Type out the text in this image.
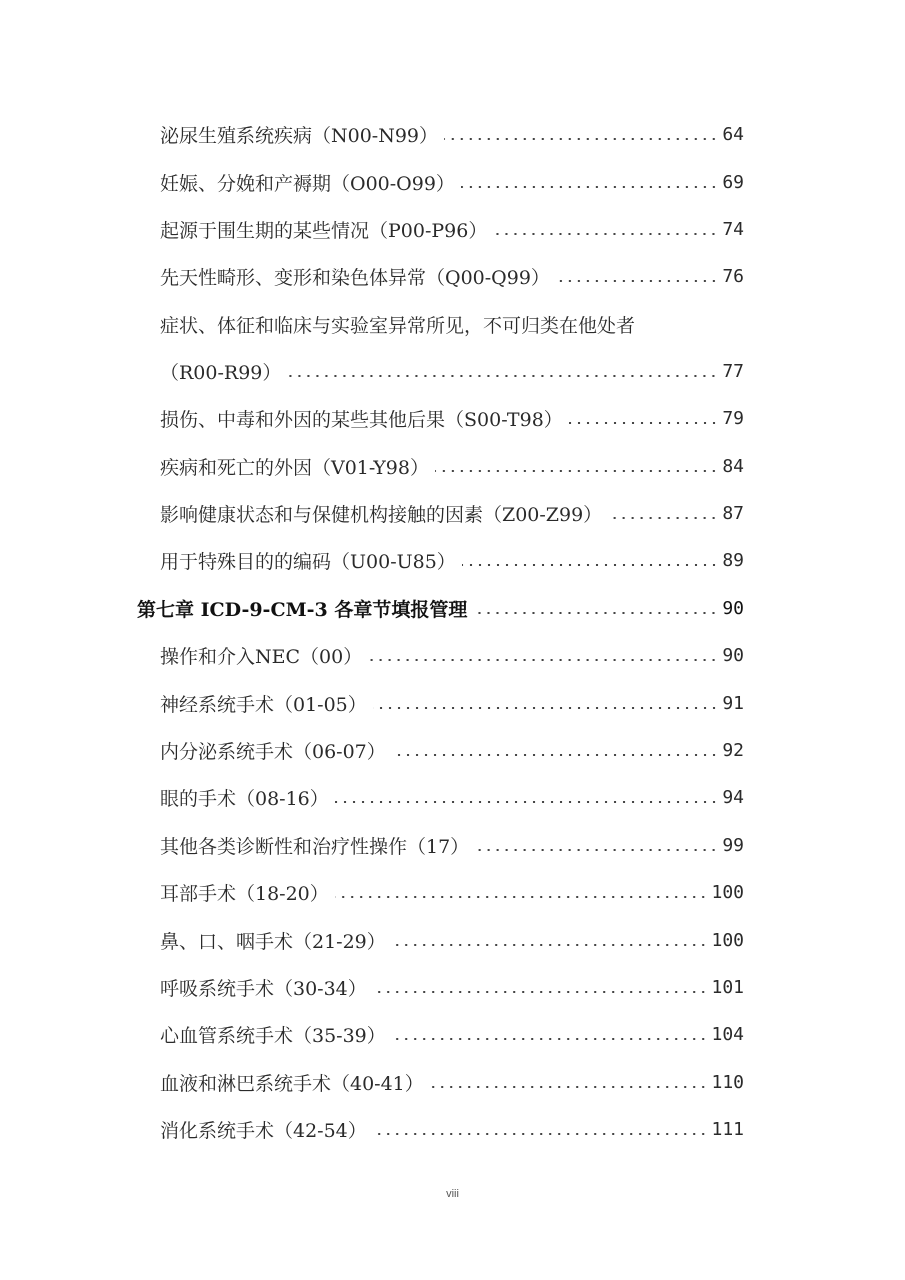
泌尿生殖系统疾病（N00-N99）	64
妊娠、分娩和产褥期（O00-O99）	69
起源于围生期的某些情况（P00-P96）	74
先天性畸形、变形和染色体异常（Q00-Q99）	76
症状、体征和临床与实验室异常所见，不可归类在他处者
（R00-R99）	77
损伤、中毒和外因的某些其他后果（S00-T98）	79
疾病和死亡的外因（V01-Y98）	84
影响健康状态和与保健机构接触的因素（Z00-Z99）	87
用于特殊目的的编码（U00-U85）	89
第七章 ICD-9-CM-3 各章节填报管理	90
操作和介入NEC（00）	90
神经系统手术（01-05）	91
内分泌系统手术（06-07）	92
眼的手术（08-16）	94
其他各类诊断性和治疗性操作（17）	99
耳部手术（18-20）	100
鼻、口、咽手术（21-29）	100
呼吸系统手术（30-34）	101
心血管系统手术（35-39）	104
血液和淋巴系统手术（40-41）	110
消化系统手术（42-54）	111
viii
